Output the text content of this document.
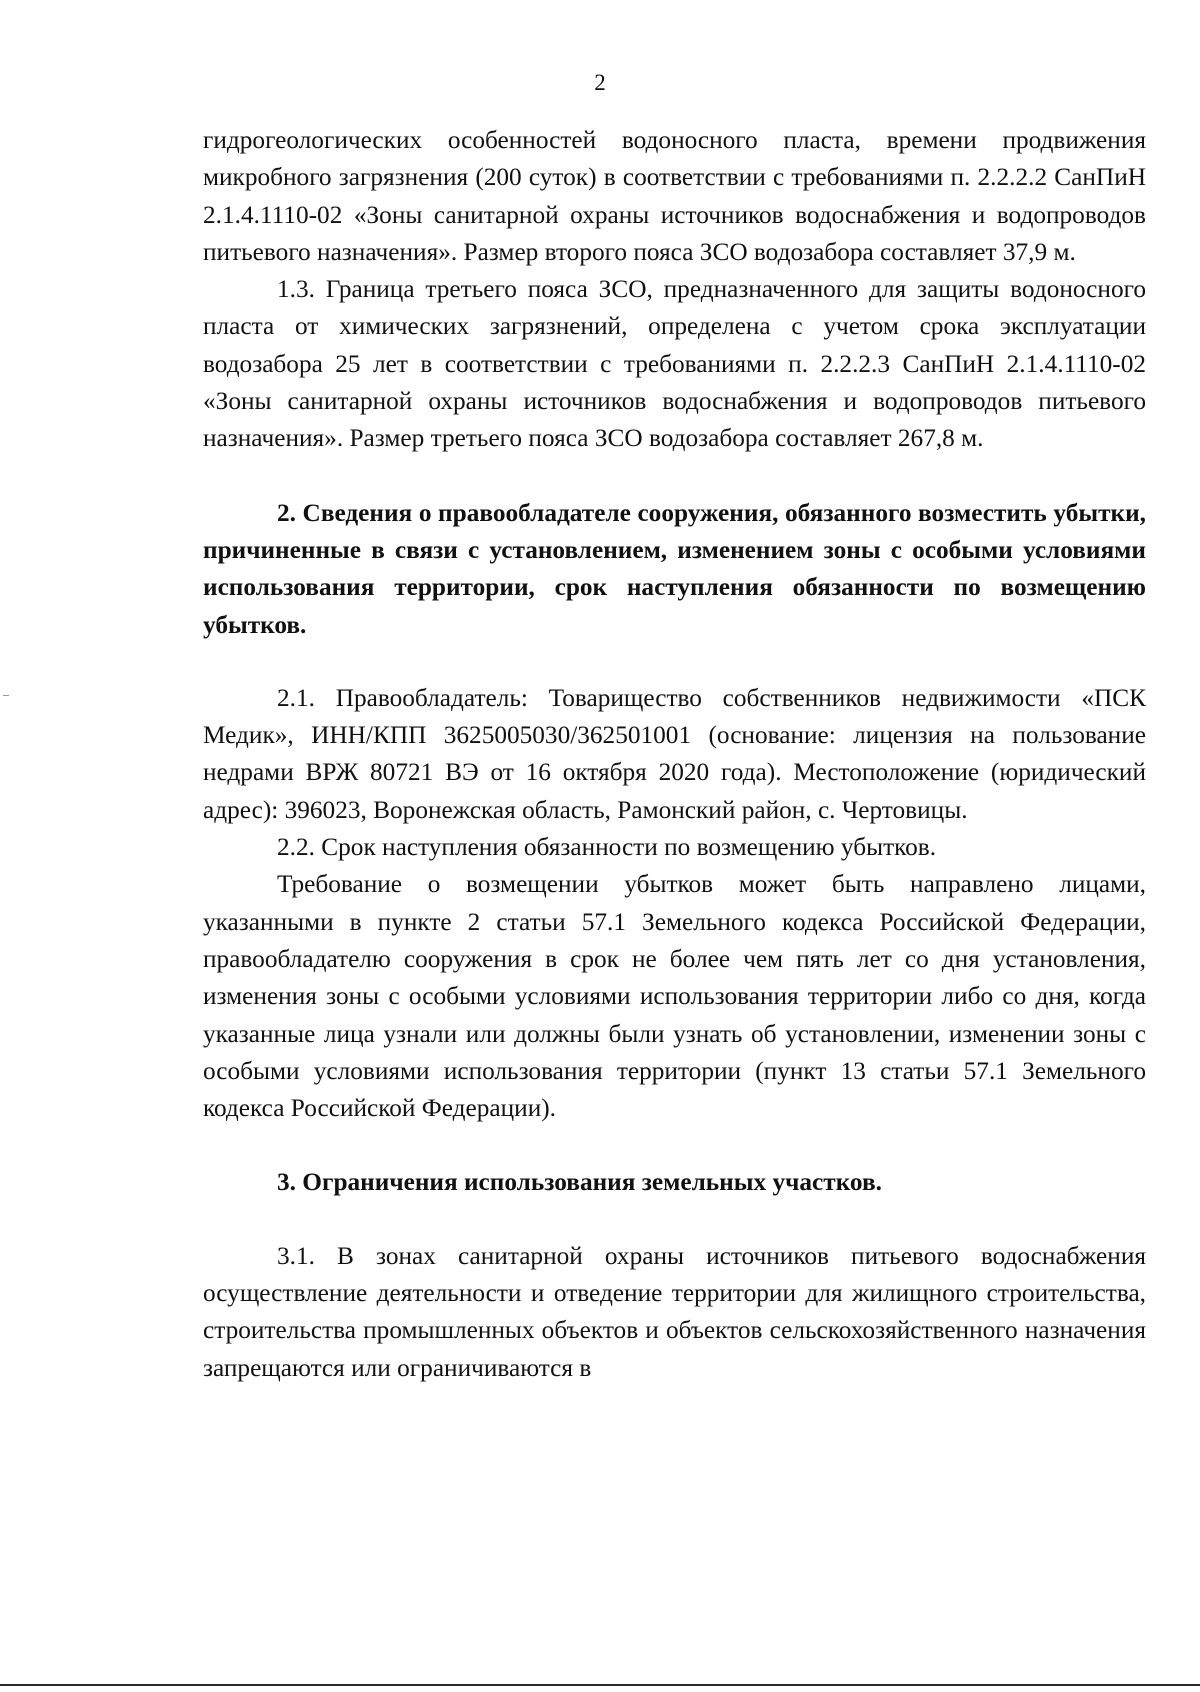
2

гидрогеологических особенностей водоносного пласта, времени продвижения микробного загрязнения (200 суток) в соответствии с требованиями п. 2.2.2.2 СанПиН 2.1.4.1110-02 «Зоны санитарной охраны источников водоснабжения и водопроводов питьевого назначения». Размер второго пояса ЗСО водозабора составляет 37,9 м.

1.3. Граница третьего пояса ЗСО, предназначенного для защиты водоносного пласта от химических загрязнений, определена с учетом срока эксплуатации водозабора 25 лет в соответствии с требованиями п. 2.2.2.3 СанПиН 2.1.4.1110-02 «Зоны санитарной охраны источников водоснабжения и водопроводов питьевого назначения». Размер третьего пояса ЗСО водозабора составляет 267,8 м.

2. Сведения о правообладателе сооружения, обязанного возместить убытки, причиненные в связи с установлением, изменением зоны с особыми условиями использования территории, срок наступления обязанности по возмещению убытков.

2.1. Правообладатель: Товарищество собственников недвижимости «ПСК Медик», ИНН/КПП 3625005030/362501001 (основание: лицензия на пользование недрами ВРЖ 80721 ВЭ от 16 октября 2020 года). Местоположение (юридический адрес): 396023, Воронежская область, Рамонский район, с. Чертовицы.

2.2. Срок наступления обязанности по возмещению убытков.

Требование о возмещении убытков может быть направлено лицами, указанными в пункте 2 статьи 57.1 Земельного кодекса Российской Федерации, правообладателю сооружения в срок не более чем пять лет со дня установления, изменения зоны с особыми условиями использования территории либо со дня, когда указанные лица узнали или должны были узнать об установлении, изменении зоны с особыми условиями использования территории (пункт 13 статьи 57.1 Земельного кодекса Российской Федерации).

3. Ограничения использования земельных участков.

3.1. В зонах санитарной охраны источников питьевого водоснабжения осуществление деятельности и отведение территории для жилищного строительства, строительства промышленных объектов и объектов сельскохозяйственного назначения запрещаются или ограничиваются в
